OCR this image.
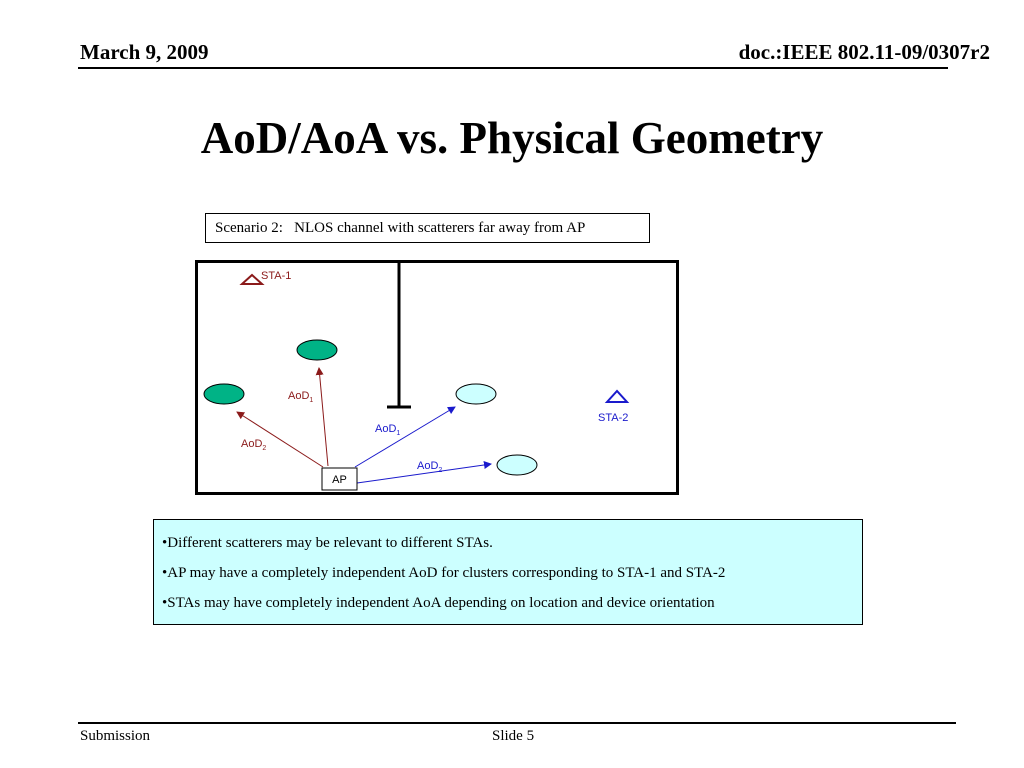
March 9, 2009	doc.:IEEE 802.11-09/0307r2
AoD/AoA vs. Physical Geometry
Scenario 2:   NLOS channel with scatterers far away from AP
STA-1
STA-2
AoD$_1$
AoD$_2$
AoD$_1$
AoD$_2$
AP
•Different scatterers may be relevant to different STAs.
•AP may have a completely independent AoD for clusters corresponding to STA-1 and STA-2
•STAs may have completely independent AoA depending on location and device orientation
Submission	Slide 5
